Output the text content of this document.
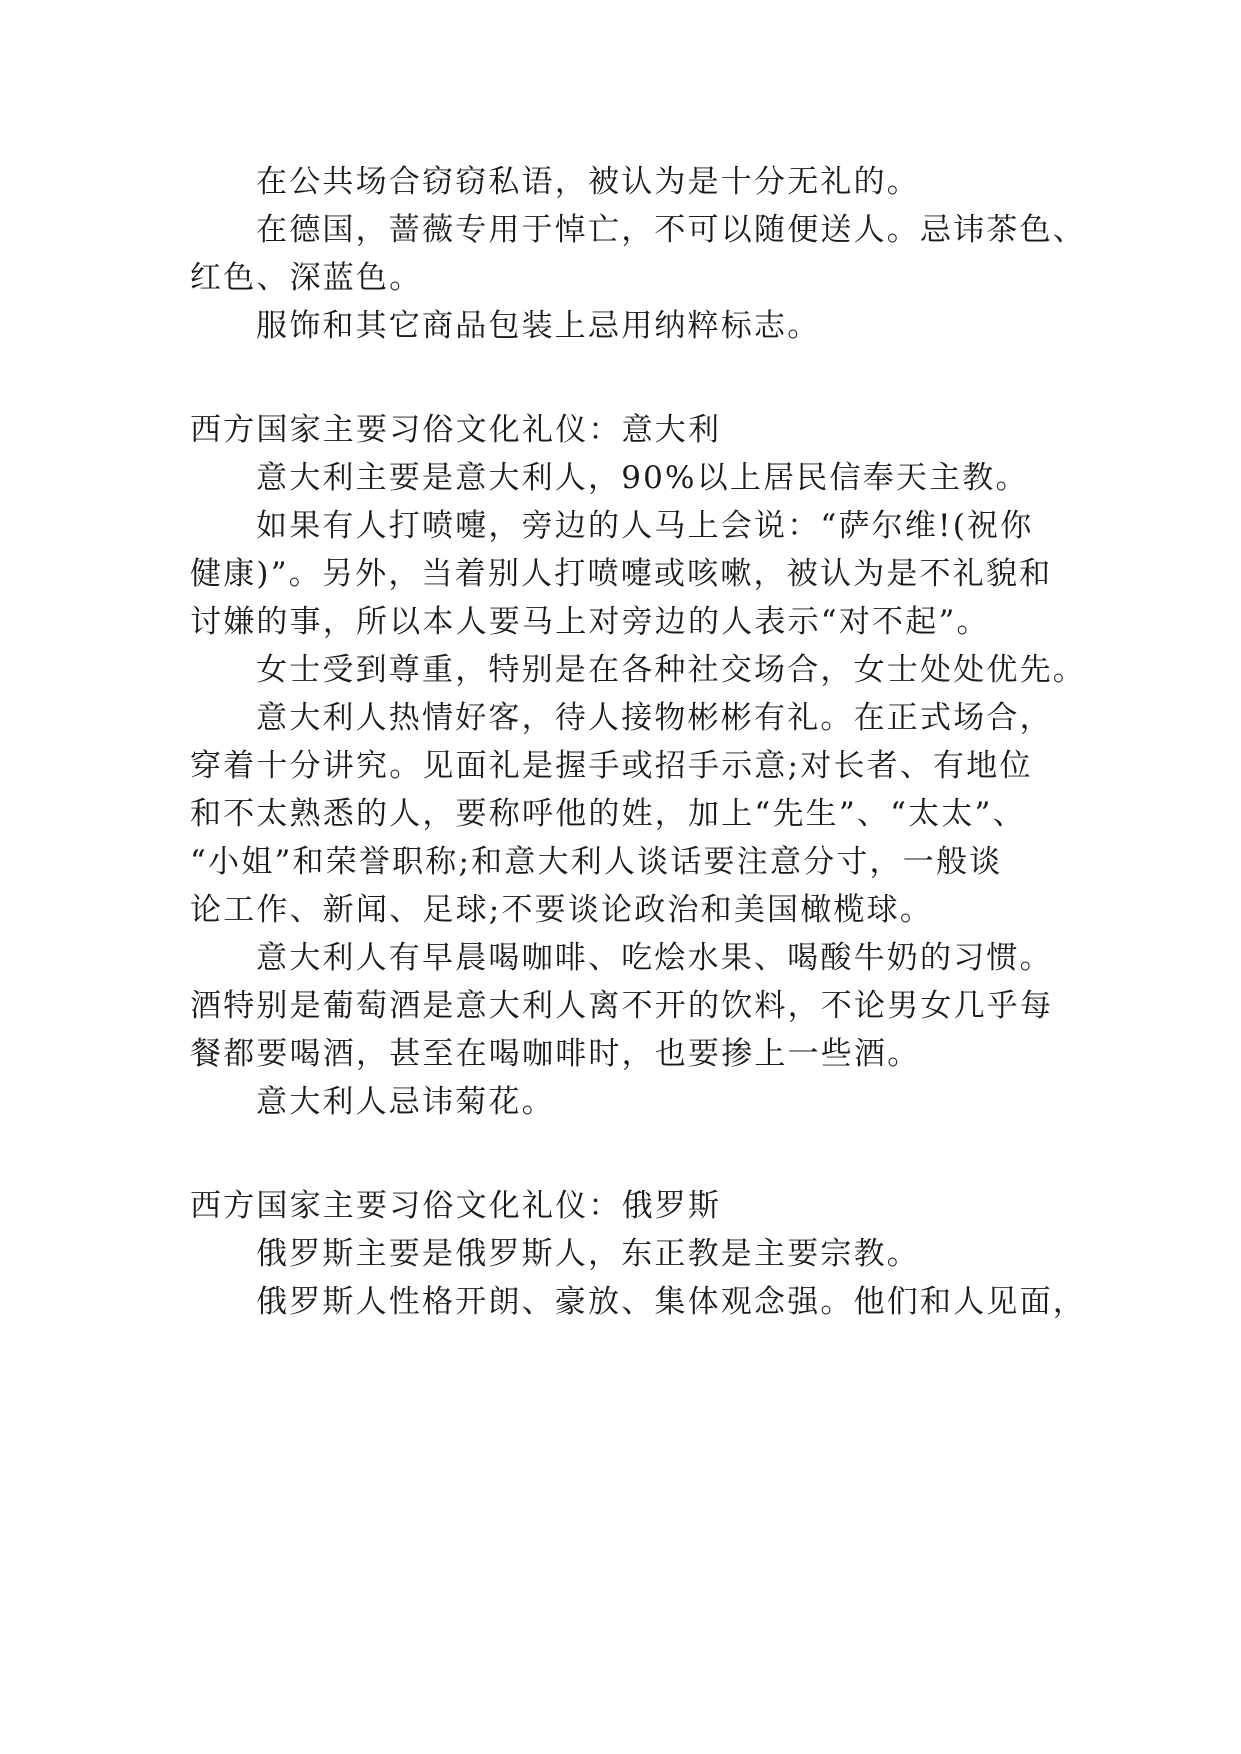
在公共场合窃窃私语，被认为是十分无礼的。

在德国，蔷薇专用于悼亡，不可以随便送人。忌讳茶色、

红色、深蓝色。

服饰和其它商品包装上忌用纳粹标志。

西方国家主要习俗文化礼仪：意大利

意大利主要是意大利人，90%以上居民信奉天主教。

如果有人打喷嚏，旁边的人马上会说：“萨尔维!(祝你

健康)”。另外，当着别人打喷嚏或咳嗽，被认为是不礼貌和

讨嫌的事，所以本人要马上对旁边的人表示“对不起”。

女士受到尊重，特别是在各种社交场合，女士处处优先。

意大利人热情好客，待人接物彬彬有礼。在正式场合，

穿着十分讲究。见面礼是握手或招手示意;对长者、有地位

和不太熟悉的人，要称呼他的姓，加上“先生”、“太太”、

“小姐”和荣誉职称;和意大利人谈话要注意分寸，一般谈

论工作、新闻、足球;不要谈论政治和美国橄榄球。

意大利人有早晨喝咖啡、吃烩水果、喝酸牛奶的习惯。

酒特别是葡萄酒是意大利人离不开的饮料，不论男女几乎每

餐都要喝酒，甚至在喝咖啡时，也要掺上一些酒。

意大利人忌讳菊花。

西方国家主要习俗文化礼仪：俄罗斯

俄罗斯主要是俄罗斯人，东正教是主要宗教。

俄罗斯人性格开朗、豪放、集体观念强。他们和人见面，
